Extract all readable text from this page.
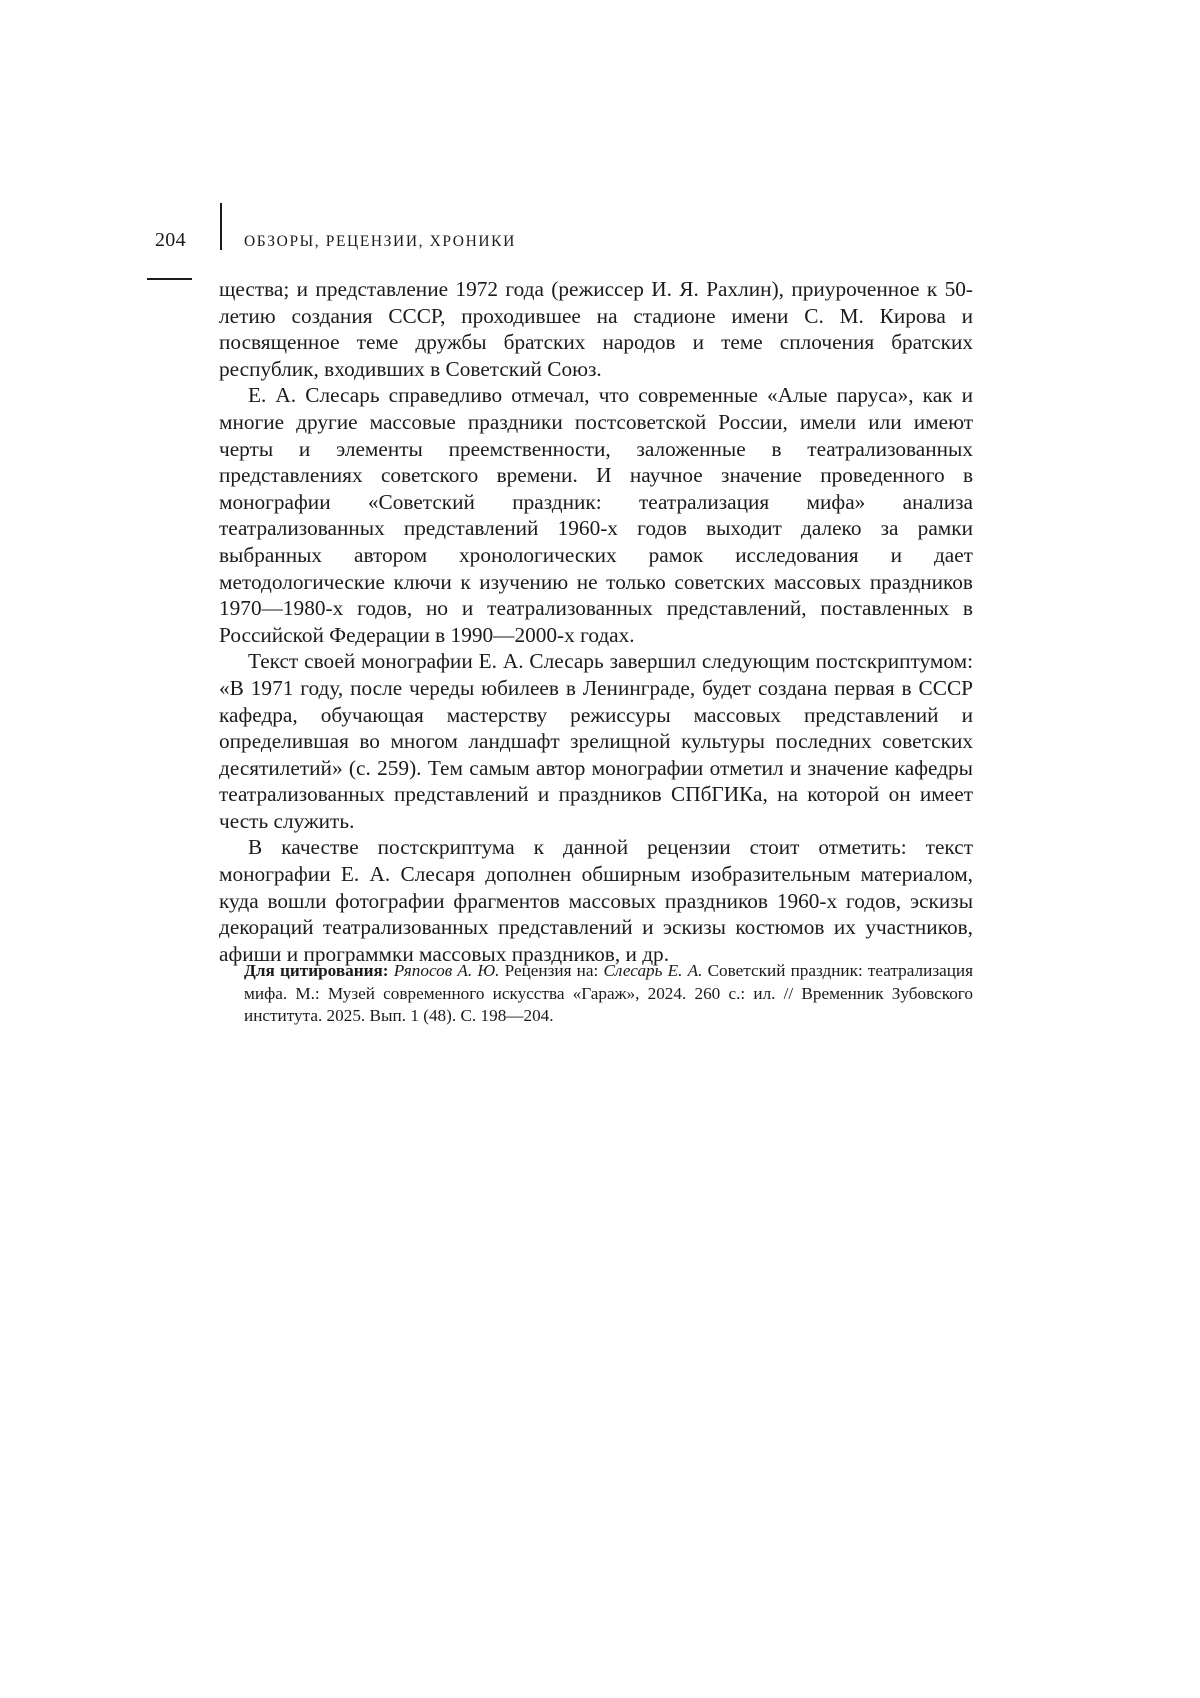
204	ОБЗОРЫ, РЕЦЕНЗИИ, ХРОНИКИ

щества; и представление 1972 года (режиссер И. Я. Рахлин), приуроченное к 50-летию создания СССР, проходившее на стадионе имени С. М. Кирова и посвященное теме дружбы братских народов и теме сплочения братских республик, входивших в Советский Союз.

Е. А. Слесарь справедливо отмечал, что современные «Алые паруса», как и многие другие массовые праздники постсоветской России, имели или имеют черты и элементы преемственности, заложенные в театрализованных представлениях советского времени. И научное значение проведенного в монографии «Советский праздник: театрализация мифа» анализа театрализованных представлений 1960-х годов выходит далеко за рамки выбранных автором хронологических рамок исследования и дает методологические ключи к изучению не только советских массовых праздников 1970—1980-х годов, но и театрализованных представлений, поставленных в Российской Федерации в 1990—2000-х годах.

Текст своей монографии Е. А. Слесарь завершил следующим постскриптумом: «В 1971 году, после череды юбилеев в Ленинграде, будет создана первая в СССР кафедра, обучающая мастерству режиссуры массовых представлений и определившая во многом ландшафт зрелищной культуры последних советских десятилетий» (с. 259). Тем самым автор монографии отметил и значение кафедры театрализованных представлений и праздников СПбГИКа, на которой он имеет честь служить.

В качестве постскриптума к данной рецензии стоит отметить: текст монографии Е. А. Слесаря дополнен обширным изобразительным материалом, куда вошли фотографии фрагментов массовых праздников 1960-х годов, эскизы декораций театрализованных представлений и эскизы костюмов их участников, афиши и программки массовых праздников, и др.

Для цитирования: Ряпосов А. Ю. Рецензия на: Слесарь Е. А. Советский праздник: театрализация мифа. М.: Музей современного искусства «Гараж», 2024. 260 с.: ил. // Временник Зубовского института. 2025. Вып. 1 (48). С. 198—204.
